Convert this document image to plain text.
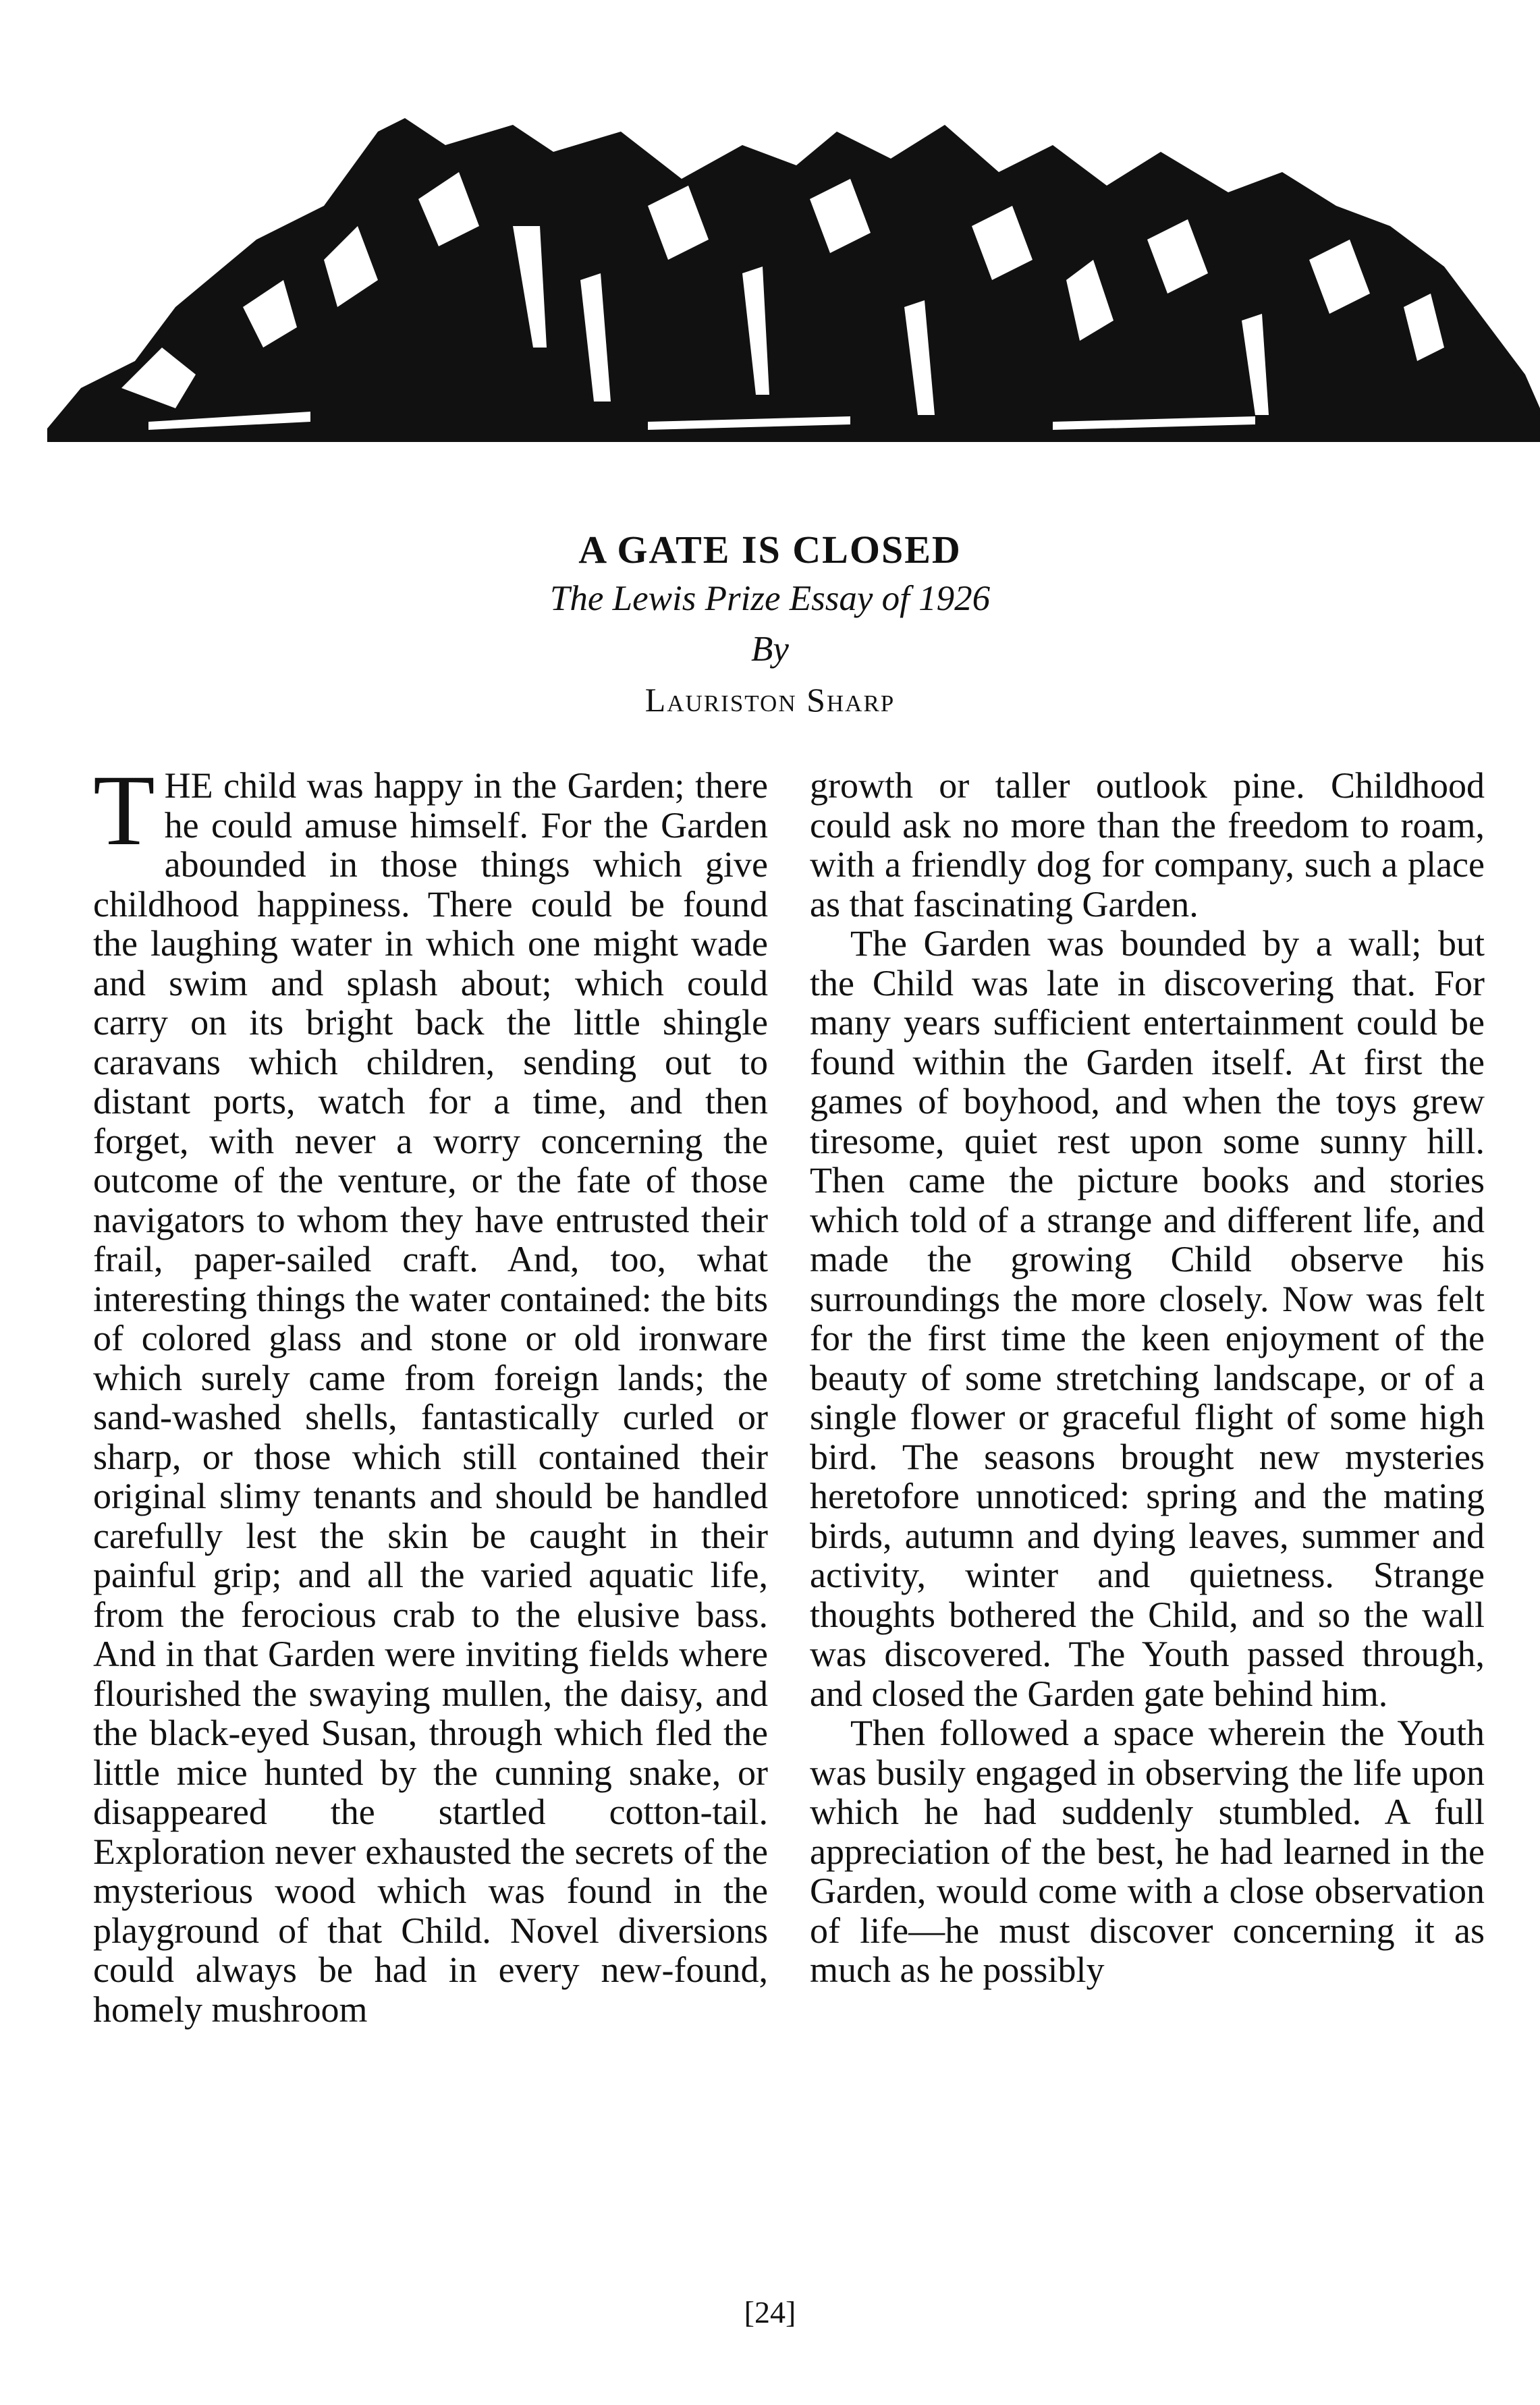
A GATE IS CLOSED
The Lewis Prize Essay of 1926
By
Lauriston Sharp

THE child was happy in the Garden; there he could amuse himself. For the Garden abounded in those things which give childhood happiness. There could be found the laughing water in which one might wade and swim and splash about; which could carry on its bright back the little shingle caravans which children, sending out to distant ports, watch for a time, and then forget, with never a worry concerning the outcome of the venture, or the fate of those navigators to whom they have entrusted their frail, paper-sailed craft. And, too, what interesting things the water contained: the bits of colored glass and stone or old ironware which surely came from foreign lands; the sand-washed shells, fantastically curled or sharp, or those which still contained their original slimy tenants and should be handled carefully lest the skin be caught in their painful grip; and all the varied aquatic life, from the ferocious crab to the elusive bass. And in that Garden were inviting fields where flourished the swaying mullen, the daisy, and the black-eyed Susan, through which fled the little mice hunted by the cunning snake, or disappeared the startled cotton-tail. Exploration never exhausted the secrets of the mysterious wood which was found in the playground of that Child. Novel diversions could always be had in every new-found, homely mushroom

growth or taller outlook pine. Childhood could ask no more than the freedom to roam, with a friendly dog for company, such a place as that fascinating Garden.

The Garden was bounded by a wall; but the Child was late in discovering that. For many years sufficient entertainment could be found within the Garden itself. At first the games of boyhood, and when the toys grew tiresome, quiet rest upon some sunny hill. Then came the picture books and stories which told of a strange and different life, and made the growing Child observe his surroundings the more closely. Now was felt for the first time the keen enjoyment of the beauty of some stretching landscape, or of a single flower or graceful flight of some high bird. The seasons brought new mysteries heretofore unnoticed: spring and the mating birds, autumn and dying leaves, summer and activity, winter and quietness. Strange thoughts bothered the Child, and so the wall was discovered. The Youth passed through, and closed the Garden gate behind him.

Then followed a space wherein the Youth was busily engaged in observing the life upon which he had suddenly stumbled. A full appreciation of the best, he had learned in the Garden, would come with a close observation of life—he must discover concerning it as much as he possibly

[24]
